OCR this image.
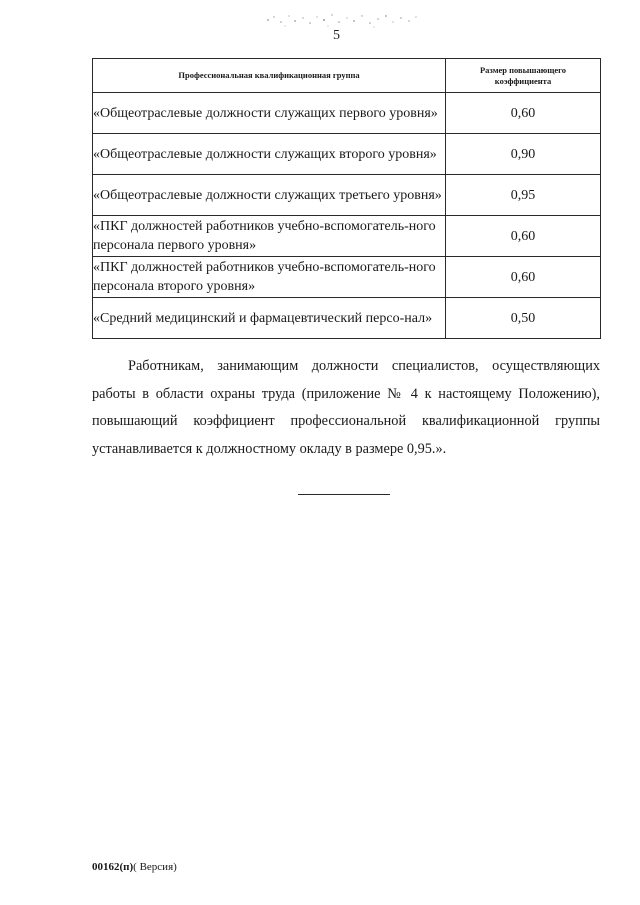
5
Профессиональная квалификационная группа	Размер повышающего коэффициента

«Общеотраслевые должности служащих первого уровня»	0,60
«Общеотраслевые должности служащих второго уровня»	0,90
«Общеотраслевые должности служащих третьего уровня»	0,95
«ПКГ должностей работников учебно-вспомогатель-ного персонала первого уровня»	0,60
«ПКГ должностей работников учебно-вспомогатель-ного персонала второго уровня»	0,60
«Средний медицинский и фармацевтический персо-нал»	0,50

Работникам, занимающим должности специалистов, осуществляющих работы в области охраны труда (приложение № 4 к настоящему Положению), повышающий коэффициент профессиональной квалификационной группы устанавливается к должностному окладу в размере 0,95.».

00162(п)( Версия)
